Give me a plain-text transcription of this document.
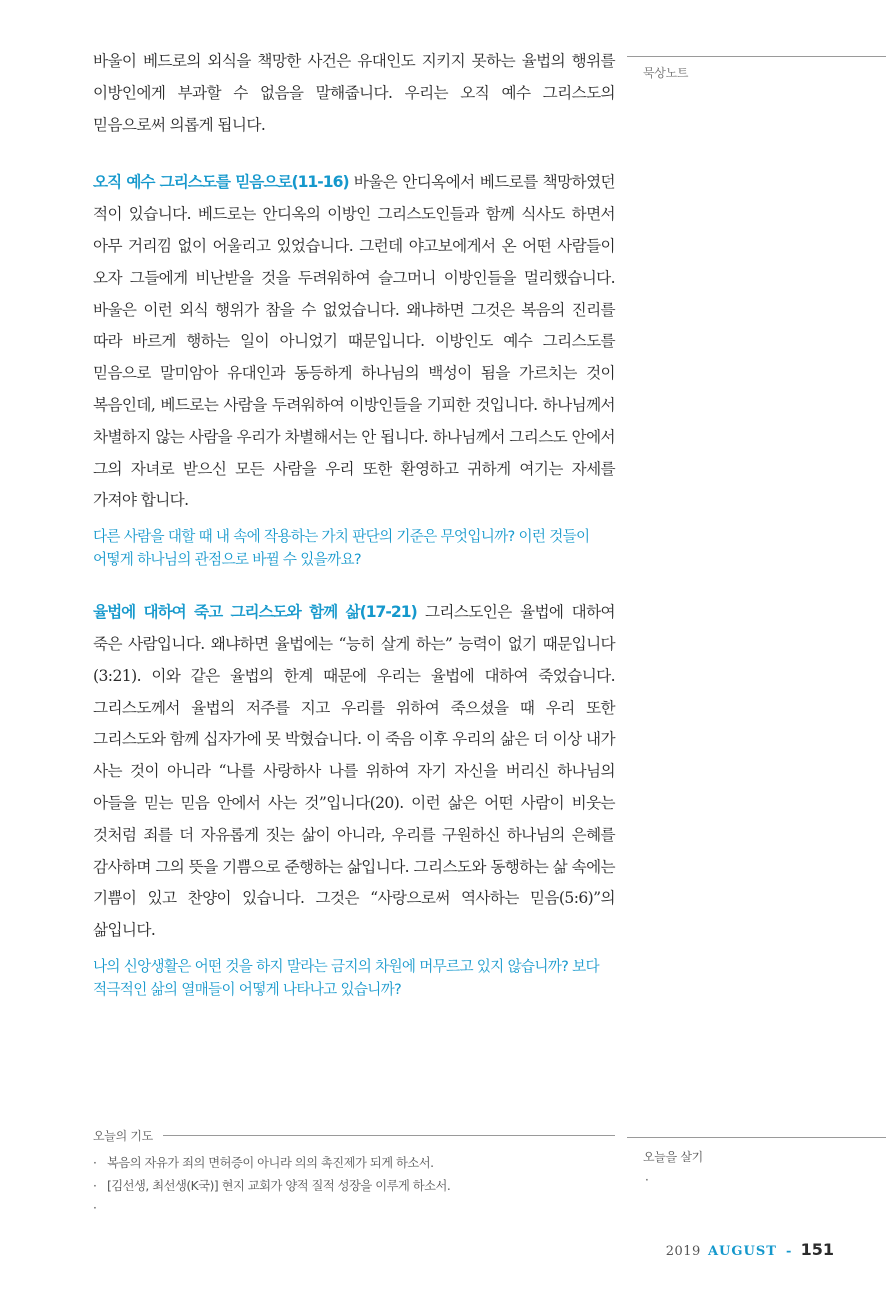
바울이 베드로의 외식을 책망한 사건은 유대인도 지키지 못하는 율법의 행위를 이방인에게 부과할 수 없음을 말해줍니다. 우리는 오직 예수 그리스도의 믿음으로써 의롭게 됩니다.

오직 예수 그리스도를 믿음으로(11-16) 바울은 안디옥에서 베드로를 책망하였던 적이 있습니다. 베드로는 안디옥의 이방인 그리스도인들과 함께 식사도 하면서 아무 거리낌 없이 어울리고 있었습니다. 그런데 야고보에게서 온 어떤 사람들이 오자 그들에게 비난받을 것을 두려워하여 슬그머니 이방인들을 멀리했습니다. 바울은 이런 외식 행위가 참을 수 없었습니다. 왜냐하면 그것은 복음의 진리를 따라 바르게 행하는 일이 아니었기 때문입니다. 이방인도 예수 그리스도를 믿음으로 말미암아 유대인과 동등하게 하나님의 백성이 됨을 가르치는 것이 복음인데, 베드로는 사람을 두려워하여 이방인들을 기피한 것입니다. 하나님께서 차별하지 않는 사람을 우리가 차별해서는 안 됩니다. 하나님께서 그리스도 안에서 그의 자녀로 받으신 모든 사람을 우리 또한 환영하고 귀하게 여기는 자세를 가져야 합니다.

다른 사람을 대할 때 내 속에 작용하는 가치 판단의 기준은 무엇입니까? 이런 것들이 어떻게 하나님의 관점으로 바뀔 수 있을까요?

율법에 대하여 죽고 그리스도와 함께 삶(17-21) 그리스도인은 율법에 대하여 죽은 사람입니다. 왜냐하면 율법에는 “능히 살게 하는” 능력이 없기 때문입니다(3:21). 이와 같은 율법의 한계 때문에 우리는 율법에 대하여 죽었습니다. 그리스도께서 율법의 저주를 지고 우리를 위하여 죽으셨을 때 우리 또한 그리스도와 함께 십자가에 못 박혔습니다. 이 죽음 이후 우리의 삶은 더 이상 내가 사는 것이 아니라 “나를 사랑하사 나를 위하여 자기 자신을 버리신 하나님의 아들을 믿는 믿음 안에서 사는 것”입니다(20). 이런 삶은 어떤 사람이 비웃는 것처럼 죄를 더 자유롭게 짓는 삶이 아니라, 우리를 구원하신 하나님의 은혜를 감사하며 그의 뜻을 기쁨으로 준행하는 삶입니다. 그리스도와 동행하는 삶 속에는 기쁨이 있고 찬양이 있습니다. 그것은 “사랑으로써 역사하는 믿음(5:6)”의 삶입니다.

나의 신앙생활은 어떤 것을 하지 말라는 금지의 차원에 머무르고 있지 않습니까? 보다 적극적인 삶의 열매들이 어떻게 나타나고 있습니까?

묵상노트
오늘의 기도
· 복음의 자유가 죄의 면허증이 아니라 의의 촉진제가 되게 하소서.
· [김선생, 최선생(K국)] 현지 교회가 양적 질적 성장을 이루게 하소서.
·
오늘을 살기
·
2019 AUGUST - 151
